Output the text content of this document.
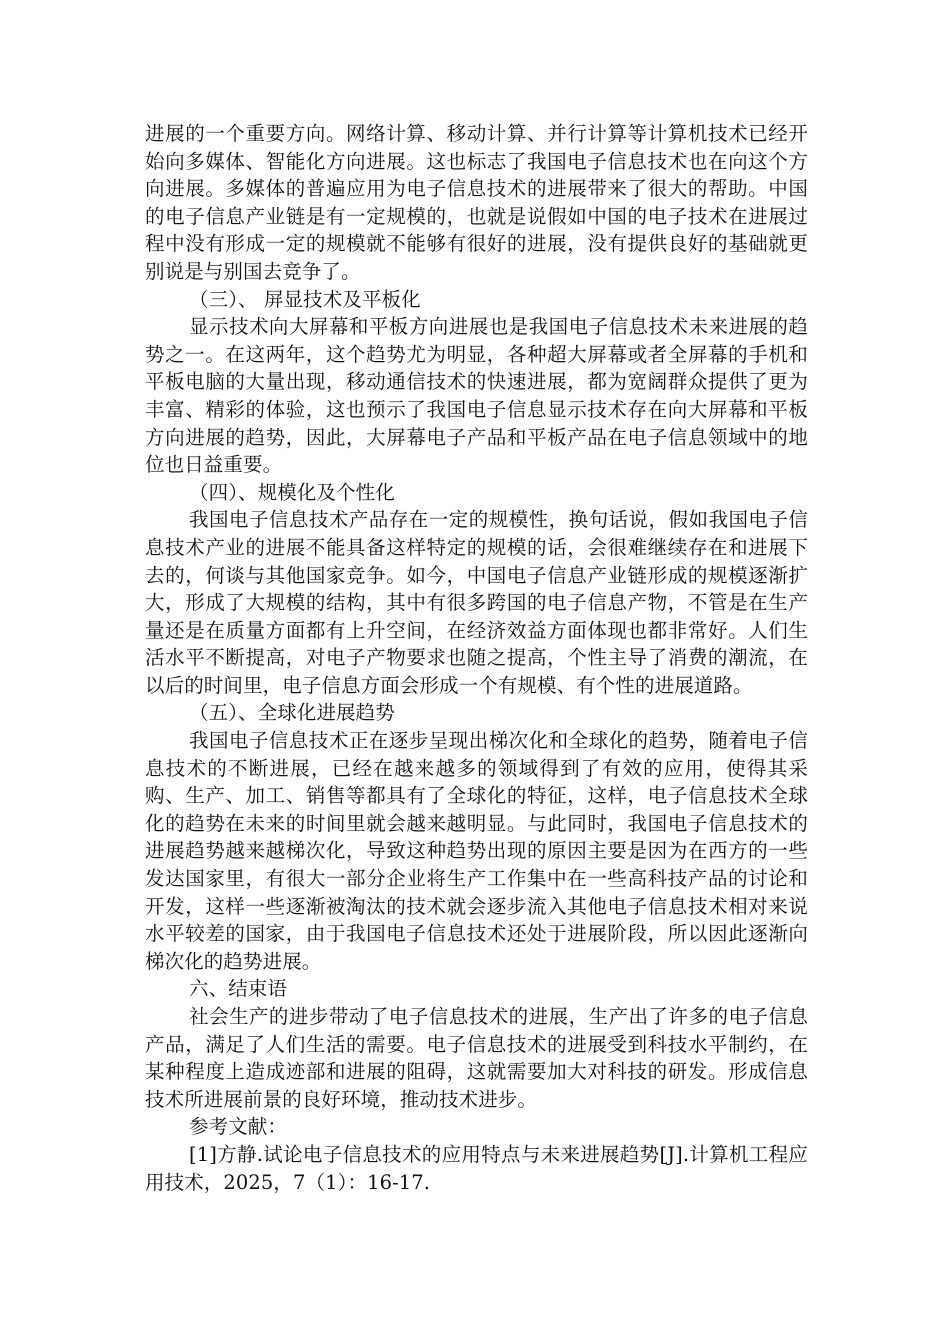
进展的一个重要方向。网络计算、移动计算、并行计算等计算机技术已经开始向多媒体、智能化方向进展。这也标志了我国电子信息技术也在向这个方向进展。多媒体的普遍应用为电子信息技术的进展带来了很大的帮助。中国的电子信息产业链是有一定规模的，也就是说假如中国的电子技术在进展过程中没有形成一定的规模就不能够有很好的进展，没有提供良好的基础就更别说是与别国去竞争了。

（三）、 屏显技术及平板化

显示技术向大屏幕和平板方向进展也是我国电子信息技术未来进展的趋势之一。在这两年，这个趋势尤为明显，各种超大屏幕或者全屏幕的手机和平板电脑的大量出现，移动通信技术的快速进展，都为宽阔群众提供了更为丰富、精彩的体验，这也预示了我国电子信息显示技术存在向大屏幕和平板方向进展的趋势，因此，大屏幕电子产品和平板产品在电子信息领域中的地位也日益重要。

（四）、规模化及个性化

我国电子信息技术产品存在一定的规模性，换句话说，假如我国电子信息技术产业的进展不能具备这样特定的规模的话，会很难继续存在和进展下去的，何谈与其他国家竞争。如今，中国电子信息产业链形成的规模逐渐扩大，形成了大规模的结构，其中有很多跨国的电子信息产物，不管是在生产量还是在质量方面都有上升空间，在经济效益方面体现也都非常好。人们生活水平不断提高，对电子产物要求也随之提高，个性主导了消费的潮流，在以后的时间里，电子信息方面会形成一个有规模、有个性的进展道路。

（五）、全球化进展趋势

我国电子信息技术正在逐步呈现出梯次化和全球化的趋势，随着电子信息技术的不断进展，已经在越来越多的领域得到了有效的应用，使得其采购、生产、加工、销售等都具有了全球化的特征，这样，电子信息技术全球化的趋势在未来的时间里就会越来越明显。与此同时，我国电子信息技术的进展趋势越来越梯次化，导致这种趋势出现的原因主要是因为在西方的一些发达国家里，有很大一部分企业将生产工作集中在一些高科技产品的讨论和开发，这样一些逐渐被淘汰的技术就会逐步流入其他电子信息技术相对来说水平较差的国家，由于我国电子信息技术还处于进展阶段，所以因此逐渐向梯次化的趋势进展。

六、结束语

社会生产的进步带动了电子信息技术的进展，生产出了许多的电子信息产品，满足了人们生活的需要。电子信息技术的进展受到科技水平制约，在某种程度上造成迹部和进展的阻碍，这就需要加大对科技的研发。形成信息技术所进展前景的良好环境，推动技术进步。

参考文献：

[1]方静.试论电子信息技术的应用特点与未来进展趋势[J].计算机工程应用技术，2025，7（1）：16-17.
